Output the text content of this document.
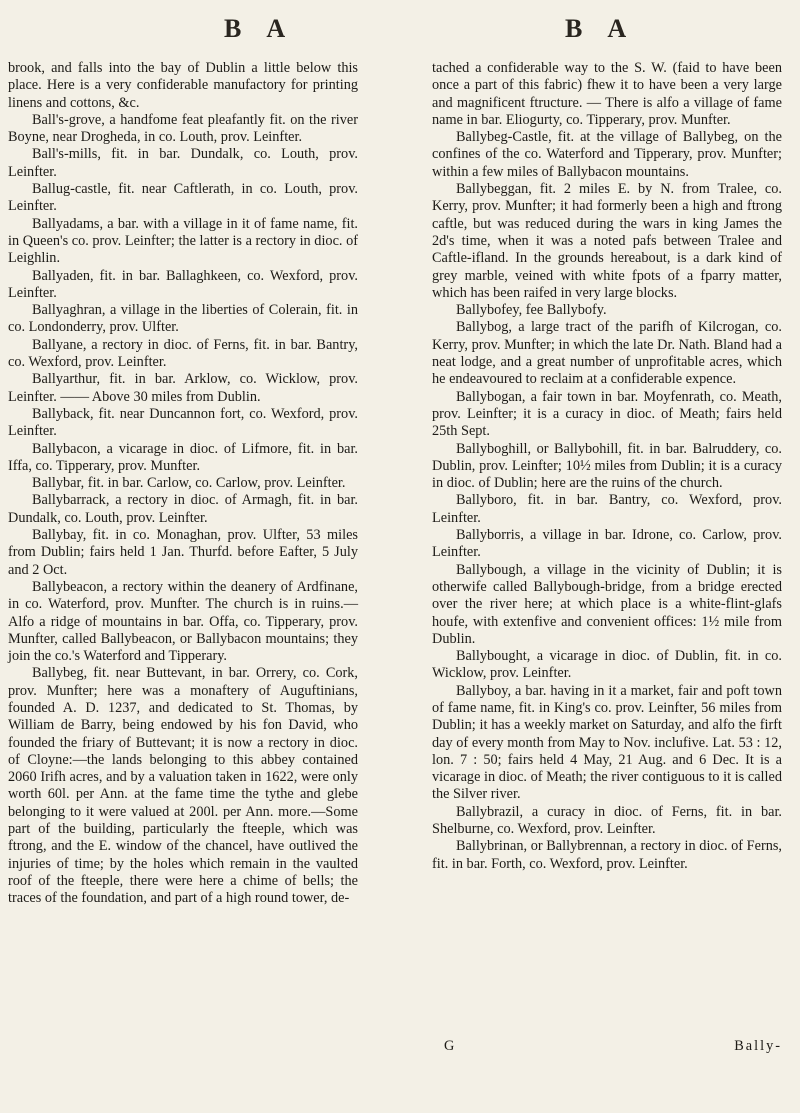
B A	B A

brook, and falls into the bay of Dublin a little below this place. Here is a very confiderable manufactory for printing linens and cottons, &c.

Ball's-grove, a handfome feat pleafantly fit. on the river Boyne, near Drogheda, in co. Louth, prov. Leinfter.

Ball's-mills, fit. in bar. Dundalk, co. Louth, prov. Leinfter.

Ballug-castle, fit. near Caftlerath, in co. Louth, prov. Leinfter.

Ballyadams, a bar. with a village in it of fame name, fit. in Queen's co. prov. Leinfter; the latter is a rectory in dioc. of Leighlin.

Ballyaden, fit. in bar. Ballaghkeen, co. Wexford, prov. Leinfter.

Ballyaghran, a village in the liberties of Colerain, fit. in co. Londonderry, prov. Ulfter.

Ballyane, a rectory in dioc. of Ferns, fit. in bar. Bantry, co. Wexford, prov. Leinfter.

Ballyarthur, fit. in bar. Arklow, co. Wicklow, prov. Leinfter. —— Above 30 miles from Dublin.

Ballyback, fit. near Duncannon fort, co. Wexford, prov. Leinfter.

Ballybacon, a vicarage in dioc. of Lifmore, fit. in bar. Iffa, co. Tipperary, prov. Munfter.

Ballybar, fit. in bar. Carlow, co. Carlow, prov. Leinfter.

Ballybarrack, a rectory in dioc. of Armagh, fit. in bar. Dundalk, co. Louth, prov. Leinfter.

Ballybay, fit. in co. Monaghan, prov. Ulfter, 53 miles from Dublin; fairs held 1 Jan. Thurfd. before Eafter, 5 July and 2 Oct.

Ballybeacon, a rectory within the deanery of Ardfinane, in co. Waterford, prov. Munfter. The church is in ruins.— Alfo a ridge of mountains in bar. Offa, co. Tipperary, prov. Munfter, called Ballybeacon, or Ballybacon mountains; they join the co.'s Waterford and Tipperary.

Ballybeg, fit. near Buttevant, in bar. Orrery, co. Cork, prov. Munfter; here was a monaftery of Auguftinians, founded A. D. 1237, and dedicated to St. Thomas, by William de Barry, being endowed by his fon David, who founded the friary of Buttevant; it is now a rectory in dioc. of Cloyne:—the lands belonging to this abbey contained 2060 Irifh acres, and by a valuation taken in 1622, were only worth 60l. per Ann. at the fame time the tythe and glebe belonging to it were valued at 200l. per Ann. more.—Some part of the building, particularly the fteeple, which was ftrong, and the E. window of the chancel, have outlived the injuries of time; by the holes which remain in the vaulted roof of the fteeple, there were here a chime of bells; the traces of the foundation, and part of a high round tower, de-

tached a confiderable way to the S. W. (faid to have been once a part of this fabric) fhew it to have been a very large and magnificent ftructure. — There is alfo a village of fame name in bar. Eliogurty, co. Tipperary, prov. Munfter.

Ballybeg-Castle, fit. at the village of Ballybeg, on the confines of the co. Waterford and Tipperary, prov. Munfter; within a few miles of Ballybacon mountains.

Ballybeggan, fit. 2 miles E. by N. from Tralee, co. Kerry, prov. Munfter; it had formerly been a high and ftrong caftle, but was reduced during the wars in king James the 2d's time, when it was a noted pafs between Tralee and Caftle-ifland. In the grounds hereabout, is a dark kind of grey marble, veined with white fpots of a fparry matter, which has been raifed in very large blocks.

Ballybofey, fee Ballybofy.

Ballybog, a large tract of the parifh of Kilcrogan, co. Kerry, prov. Munfter; in which the late Dr. Nath. Bland had a neat lodge, and a great number of unprofitable acres, which he endeavoured to reclaim at a confiderable expence.

Ballybogan, a fair town in bar. Moyfenrath, co. Meath, prov. Leinfter; it is a curacy in dioc. of Meath; fairs held 25th Sept.

Ballyboghill, or Ballybohill, fit. in bar. Balruddery, co. Dublin, prov. Leinfter; 10½ miles from Dublin; it is a curacy in dioc. of Dublin; here are the ruins of the church.

Ballyboro, fit. in bar. Bantry, co. Wexford, prov. Leinfter.

Ballyborris, a village in bar. Idrone, co. Carlow, prov. Leinfter.

Ballybough, a village in the vicinity of Dublin; it is otherwife called Ballybough-bridge, from a bridge erected over the river here; at which place is a white-flint-glafs houfe, with extenfive and convenient offices: 1½ mile from Dublin.

Ballybought, a vicarage in dioc. of Dublin, fit. in co. Wicklow, prov. Leinfter.

Ballyboy, a bar. having in it a market, fair and poft town of fame name, fit. in King's co. prov. Leinfter, 56 miles from Dublin; it has a weekly market on Saturday, and alfo the firft day of every month from May to Nov. inclufive. Lat. 53 : 12, lon. 7 : 50; fairs held 4 May, 21 Aug. and 6 Dec. It is a vicarage in dioc. of Meath; the river contiguous to it is called the Silver river.

Ballybrazil, a curacy in dioc. of Ferns, fit. in bar. Shelburne, co. Wexford, prov. Leinfter.

Ballybrinan, or Ballybrennan, a rectory in dioc. of Ferns, fit. in bar. Forth, co. Wexford, prov. Leinfter.

G	Bally-
